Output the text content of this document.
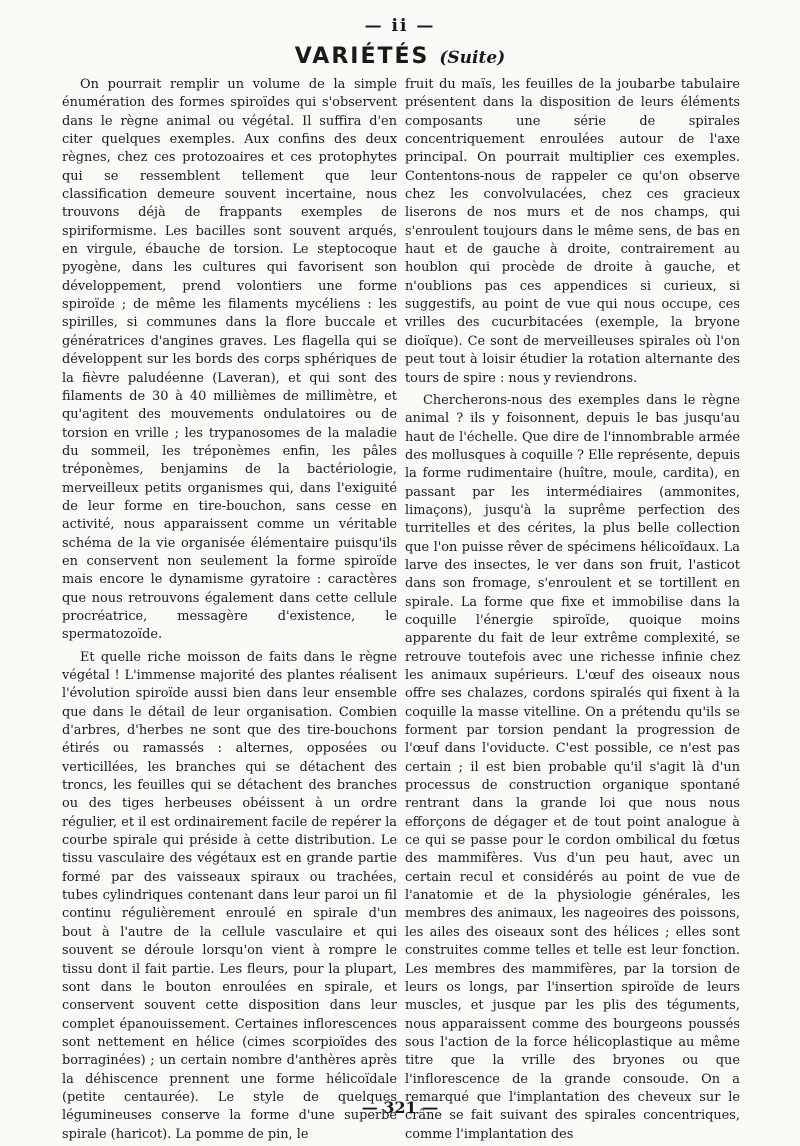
— ii —
VARIÉTÉS (Suite)

On pourrait remplir un volume de la simple énumération des formes spiroïdes qui s'observent dans le règne animal ou végétal. Il suffira d'en citer quelques exemples. Aux confins des deux règnes, chez ces protozoaires et ces protophytes qui se ressemblent tellement que leur classification demeure souvent incertaine, nous trouvons déjà de frappants exemples de spiriformisme. Les bacilles sont souvent arqués, en virgule, ébauche de torsion. Le steptocoque pyogène, dans les cultures qui favorisent son développement, prend volontiers une forme spiroïde ; de même les filaments mycéliens : les spirilles, si communes dans la flore buccale et génératrices d'angines graves. Les flagella qui se développent sur les bords des corps sphériques de la fièvre paludéenne (Laveran), et qui sont des filaments de 30 à 40 millièmes de millimètre, et qu'agitent des mouvements ondulatoires ou de torsion en vrille ; les trypanosomes de la maladie du sommeil, les tréponèmes enfin, les pâles tréponèmes, benjamins de la bactériologie, merveilleux petits organismes qui, dans l'exiguité de leur forme en tire-bouchon, sans cesse en activité, nous apparaissent comme un véritable schéma de la vie organisée élémentaire puisqu'ils en conservent non seulement la forme spiroïde mais encore le dynamisme gyratoire : caractères que nous retrouvons également dans cette cellule procréatrice, messagère d'existence, le spermatozoïde.

Et quelle riche moisson de faits dans le règne végétal ! L'immense majorité des plantes réalisent l'évolution spiroïde aussi bien dans leur ensemble que dans le détail de leur organisation. Combien d'arbres, d'herbes ne sont que des tire-bouchons étirés ou ramassés : alternes, opposées ou verticillées, les branches qui se détachent des troncs, les feuilles qui se détachent des branches ou des tiges herbeuses obéissent à un ordre régulier, et il est ordinairement facile de repérer la courbe spirale qui préside à cette distribution. Le tissu vasculaire des végétaux est en grande partie formé par des vaisseaux spiraux ou trachées, tubes cylindriques contenant dans leur paroi un fil continu régulièrement enroulé en spirale d'un bout à l'autre de la cellule vasculaire et qui souvent se déroule lorsqu'on vient à rompre le tissu dont il fait partie. Les fleurs, pour la plupart, sont dans le bouton enroulées en spirale, et conservent souvent cette disposition dans leur complet épanouissement. Certaines inflorescences sont nettement en hélice (cimes scorpioïdes des borraginées) ; un certain nombre d'anthères après la déhiscence prennent une forme hélicoïdale (petite centaurée). Le style de quelques légumineuses conserve la forme d'une superbe spirale (haricot). La pomme de pin, le

fruit du maïs, les feuilles de la joubarbe tabulaire présentent dans la disposition de leurs éléments composants une série de spirales concentriquement enroulées autour de l'axe principal. On pourrait multiplier ces exemples. Contentons-nous de rappeler ce qu'on observe chez les convolvulacées, chez ces gracieux liserons de nos murs et de nos champs, qui s'enroulent toujours dans le même sens, de bas en haut et de gauche à droite, contrairement au houblon qui procède de droite à gauche, et n'oublions pas ces appendices si curieux, si suggestifs, au point de vue qui nous occupe, ces vrilles des cucurbitacées (exemple, la bryone dioïque). Ce sont de merveilleuses spirales où l'on peut tout à loisir étudier la rotation alternante des tours de spire : nous y reviendrons.

Chercherons-nous des exemples dans le règne animal ? ils y foisonnent, depuis le bas jusqu'au haut de l'échelle. Que dire de l'innombrable armée des mollusques à coquille ? Elle représente, depuis la forme rudimentaire (huître, moule, cardita), en passant par les intermédiaires (ammonites, limaçons), jusqu'à la suprême perfection des turritelles et des cérites, la plus belle collection que l'on puisse rêver de spécimens hélicoïdaux. La larve des insectes, le ver dans son fruit, l'asticot dans son fromage, s'enroulent et se tortillent en spirale. La forme que fixe et immobilise dans la coquille l'énergie spiroïde, quoique moins apparente du fait de leur extrême complexité, se retrouve toutefois avec une richesse infinie chez les animaux supérieurs. L'œuf des oiseaux nous offre ses chalazes, cordons spiralés qui fixent à la coquille la masse vitelline. On a prétendu qu'ils se forment par torsion pendant la progression de l'œuf dans l'oviducte. C'est possible, ce n'est pas certain ; il est bien probable qu'il s'agit là d'un processus de construction organique spontané rentrant dans la grande loi que nous nous efforçons de dégager et de tout point analogue à ce qui se passe pour le cordon ombilical du fœtus des mammifères. Vus d'un peu haut, avec un certain recul et considérés au point de vue de l'anatomie et de la physiologie générales, les membres des animaux, les nageoires des poissons, les ailes des oiseaux sont des hélices ; elles sont construites comme telles et telle est leur fonction. Les membres des mammifères, par la torsion de leurs os longs, par l'insertion spiroïde de leurs muscles, et jusque par les plis des téguments, nous apparaissent comme des bourgeons poussés sous l'action de la force hélicoplastique au même titre que la vrille des bryones ou que l'inflorescence de la grande consoude. On a remarqué que l'implantation des cheveux sur le crâne se fait suivant des spirales concentriques, comme l'implantation des

— 321 —
